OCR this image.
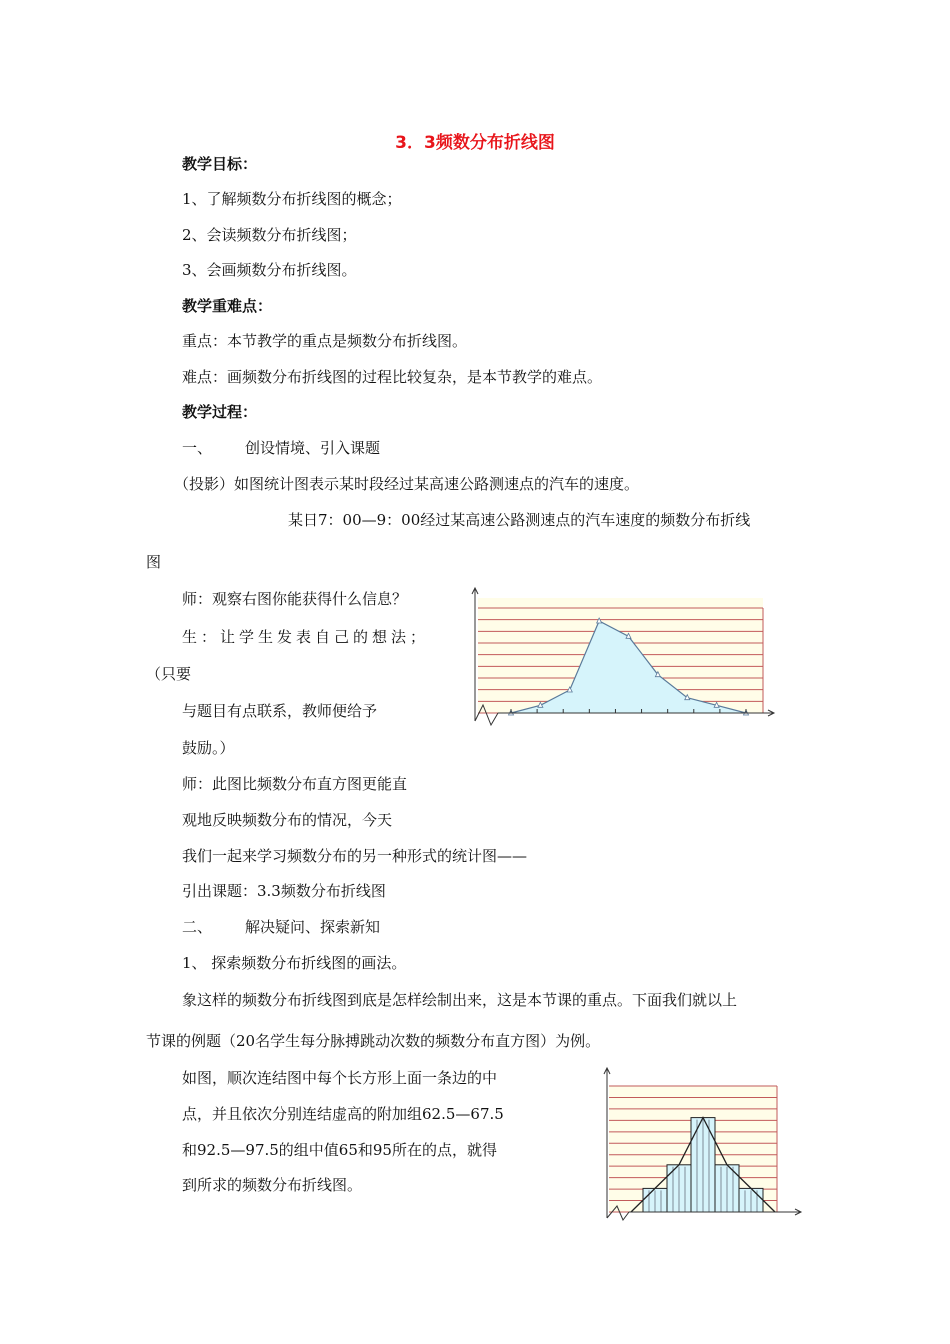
3．3频数分布折线图
教学目标：
1、了解频数分布折线图的概念；
2、会读频数分布折线图；
3、会画频数分布折线图。
教学重难点：
重点：本节教学的重点是频数分布折线图。
难点：画频数分布折线图的过程比较复杂，是本节教学的难点。
教学过程：
一、 创设情境、引入课题
（投影）如图统计图表示某时段经过某高速公路测速点的汽车的速度。
某日7：00—9：00经过某高速公路测速点的汽车速度的频数分布折线
图
师：观察右图你能获得什么信息？
生：让学生发表自己的想法；
（只要
与题目有点联系，教师便给予
鼓励。）
师：此图比频数分布直方图更能直
观地反映频数分布的情况，今天
我们一起来学习频数分布的另一种形式的统计图——
引出课题：3.3频数分布折线图
二、 解决疑问、探索新知
1、 探索频数分布折线图的画法。
象这样的频数分布折线图到底是怎样绘制出来，这是本节课的重点。下面我们就以上
节课的例题（20名学生每分脉搏跳动次数的频数分布直方图）为例。
如图，顺次连结图中每个长方形上面一条边的中
点，并且依次分别连结虚高的附加组62.5—67.5
和92.5—97.5的组中值65和95所在的点，就得
到所求的频数分布折线图。
